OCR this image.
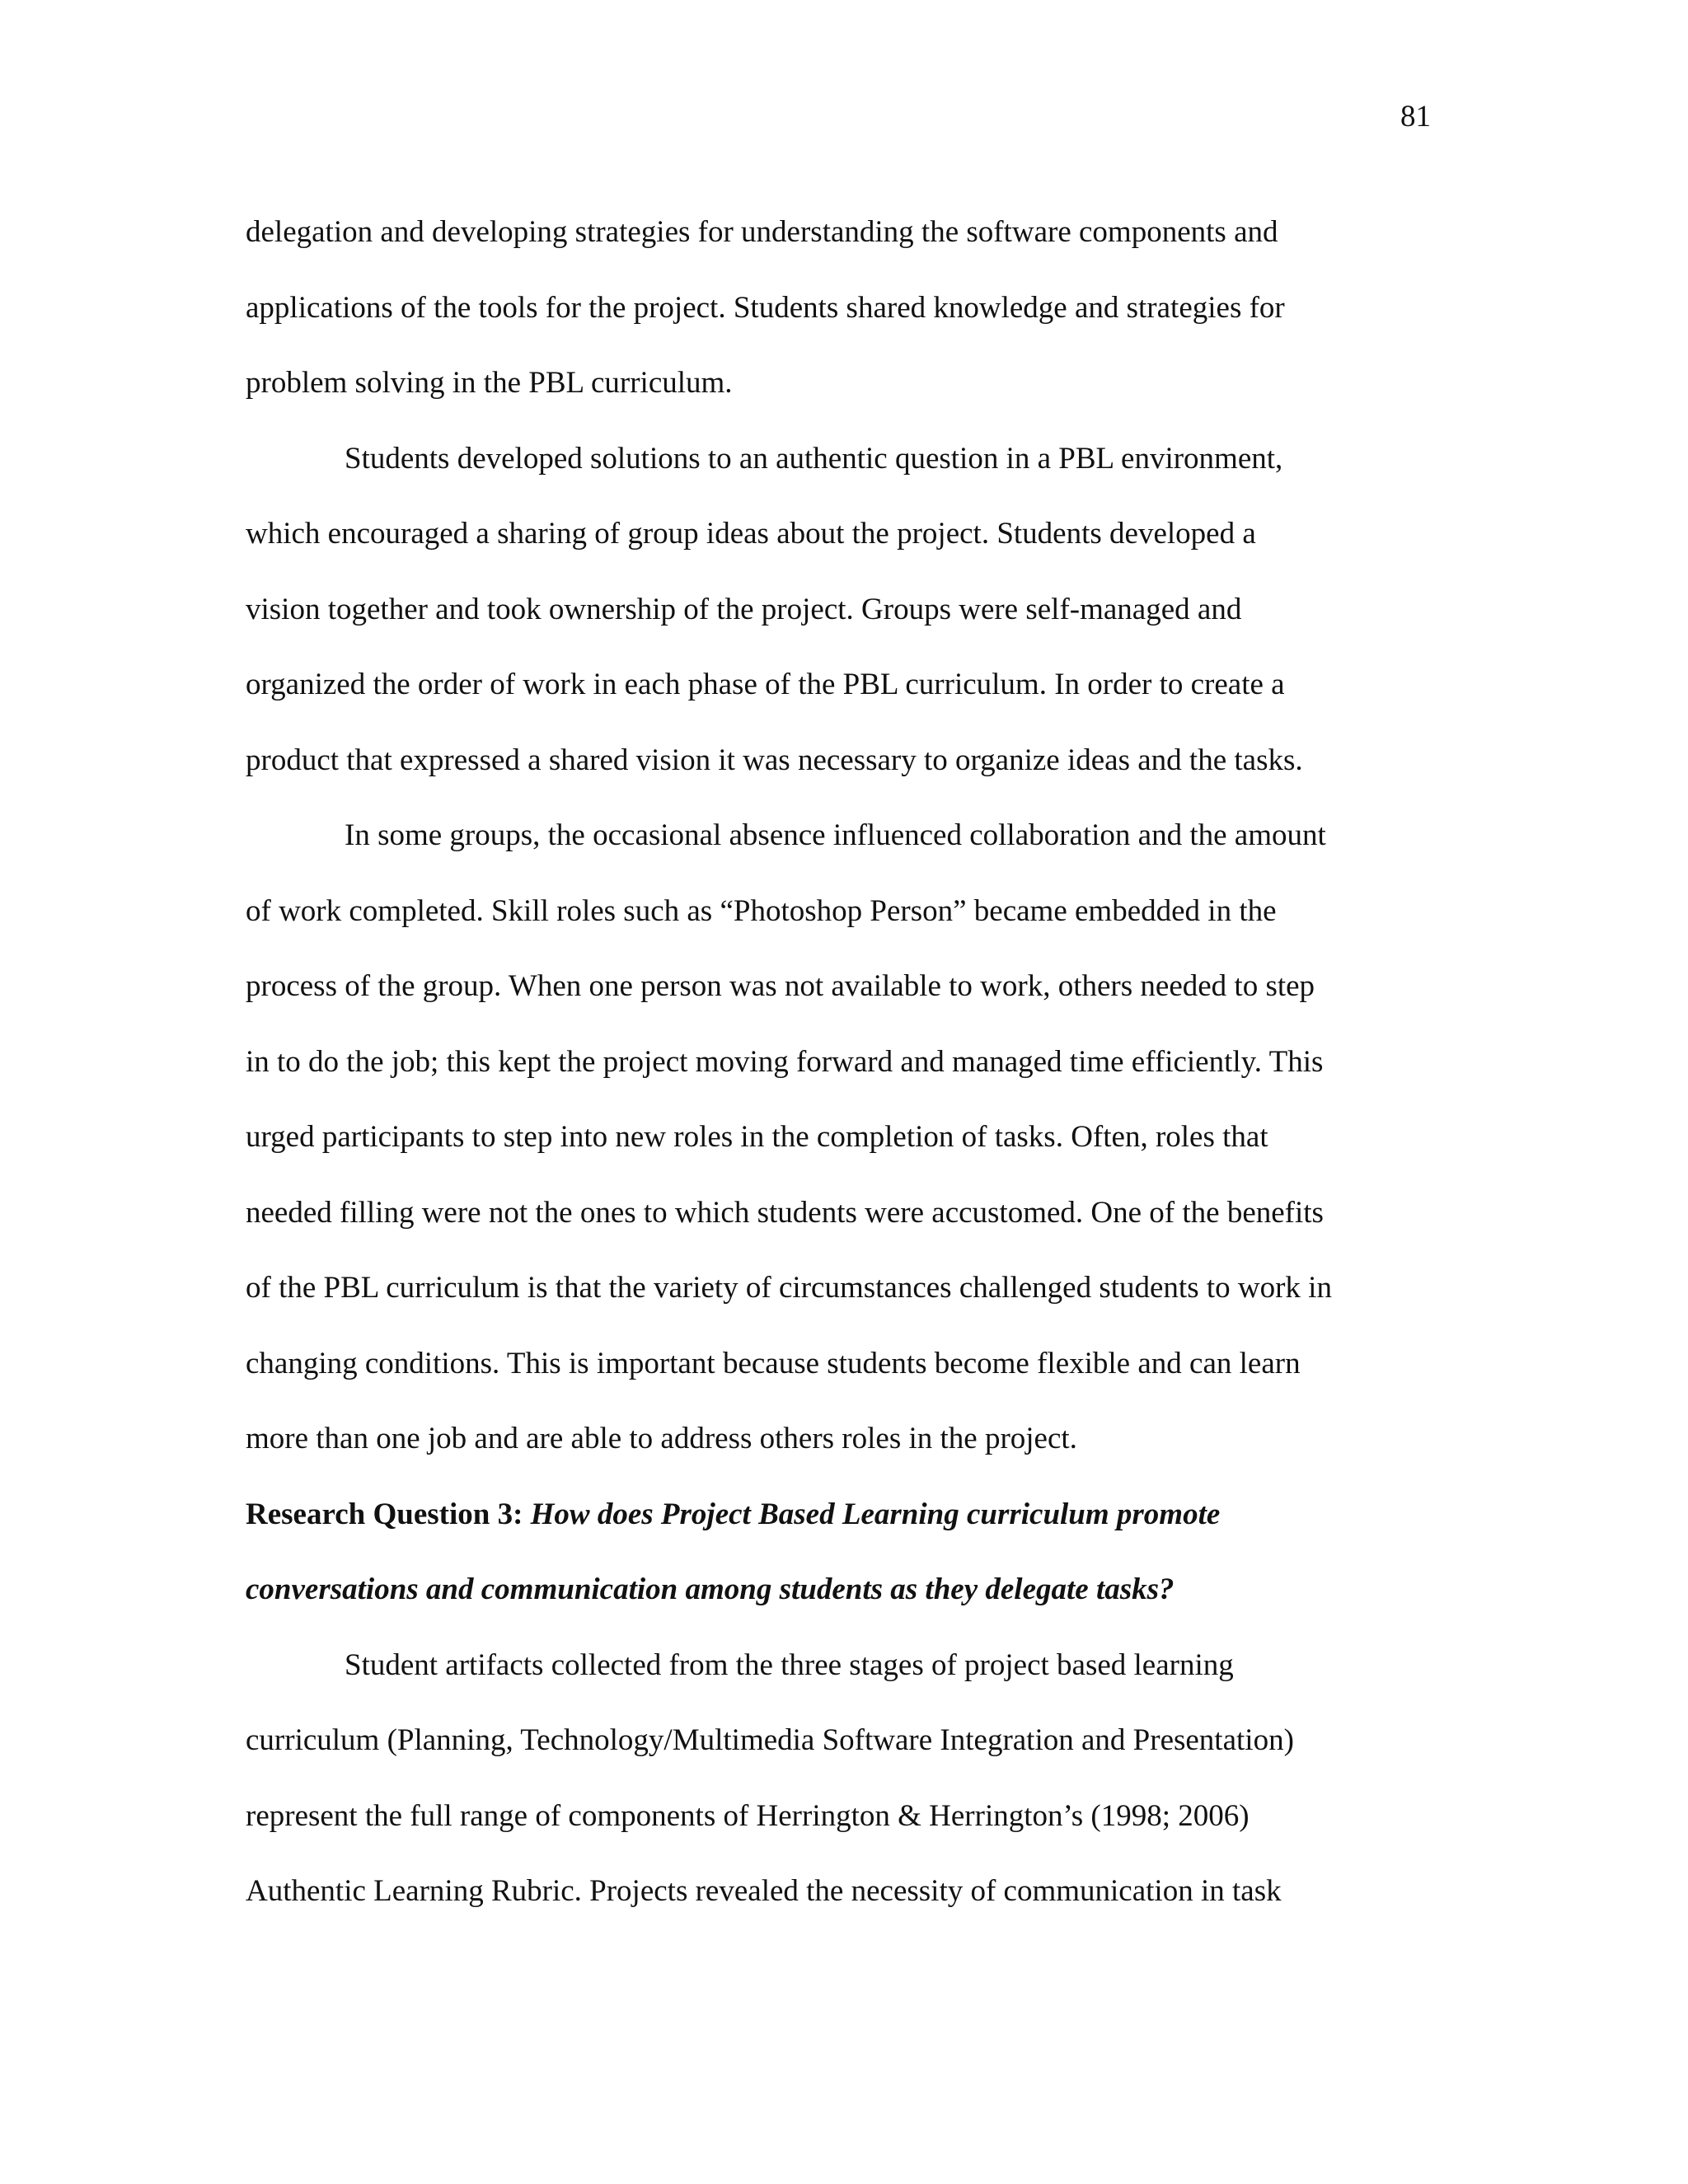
81
delegation and developing strategies for understanding the software components and
applications of the tools for the project. Students shared knowledge and strategies for
problem solving in the PBL curriculum.
Students developed solutions to an authentic question in a PBL environment,
which encouraged a sharing of group ideas about the project. Students developed a
vision together and took ownership of the project. Groups were self-managed and
organized the order of work in each phase of the PBL curriculum. In order to create a
product that expressed a shared vision it was necessary to organize ideas and the tasks.
In some groups, the occasional absence influenced collaboration and the amount
of work completed. Skill roles such as “Photoshop Person” became embedded in the
process of the group. When one person was not available to work, others needed to step
in to do the job; this kept the project moving forward and managed time efficiently. This
urged participants to step into new roles in the completion of tasks. Often, roles that
needed filling were not the ones to which students were accustomed. One of the benefits
of the PBL curriculum is that the variety of circumstances challenged students to work in
changing conditions. This is important because students become flexible and can learn
more than one job and are able to address others roles in the project.
Research Question 3: How does Project Based Learning curriculum promote
conversations and communication among students as they delegate tasks?
Student artifacts collected from the three stages of project based learning
curriculum (Planning, Technology/Multimedia Software Integration and Presentation)
represent the full range of components of Herrington & Herrington’s (1998; 2006)
Authentic Learning Rubric. Projects revealed the necessity of communication in task
